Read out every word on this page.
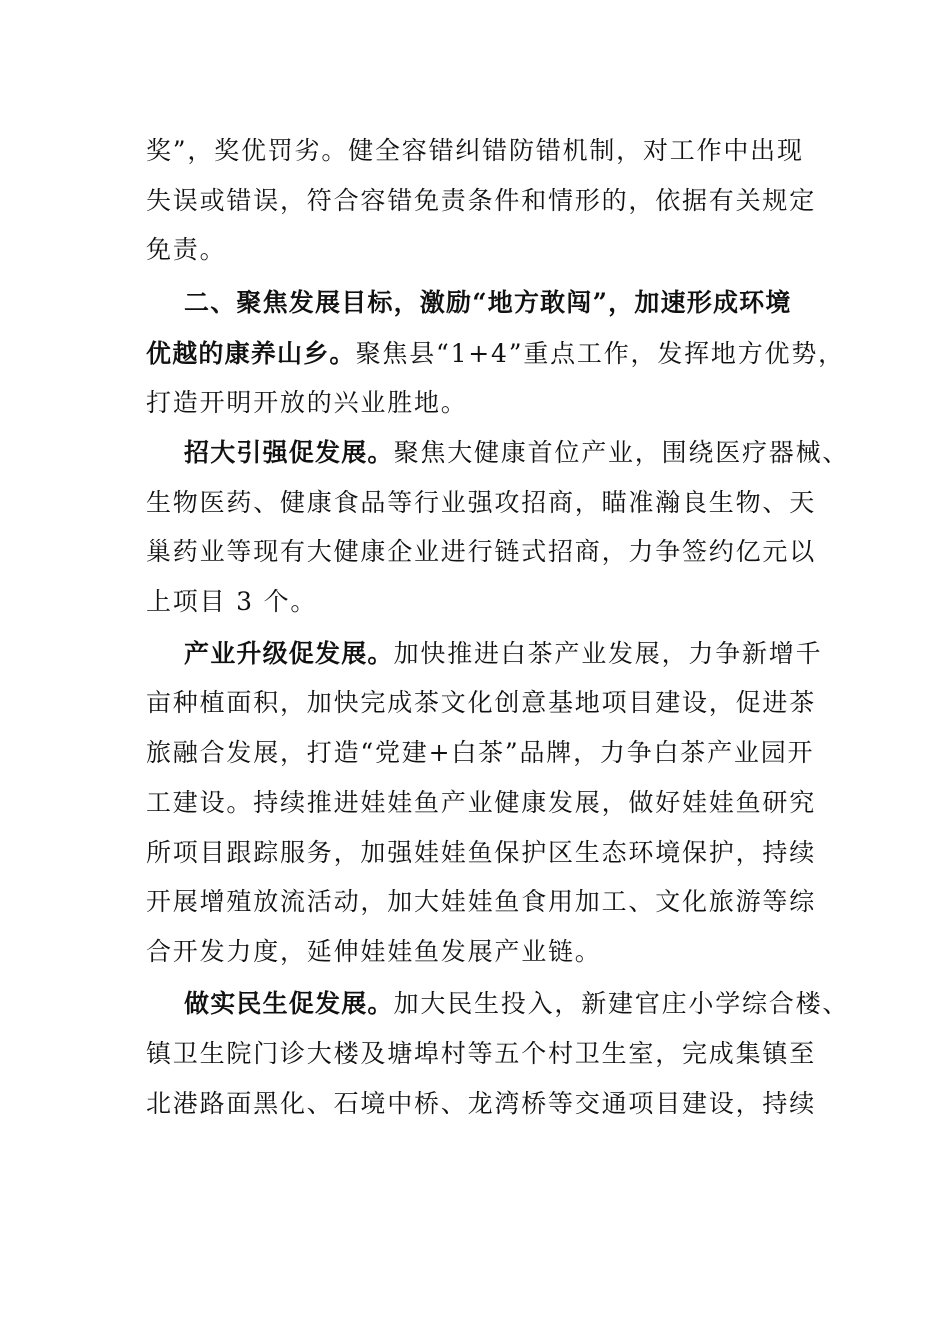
奖”，奖优罚劣。健全容错纠错防错机制，对工作中出现
失误或错误，符合容错免责条件和情形的，依据有关规定
免责。
二、聚焦发展目标，激励“地方敢闯”，加速形成环境
优越的康养山乡。聚焦县“1+4”重点工作，发挥地方优势，
打造开明开放的兴业胜地。
招大引强促发展。聚焦大健康首位产业，围绕医疗器械、
生物医药、健康食品等行业强攻招商，瞄准瀚良生物、天
巢药业等现有大健康企业进行链式招商，力争签约亿元以
上项目 3 个。
产业升级促发展。加快推进白茶产业发展，力争新增千
亩种植面积，加快完成茶文化创意基地项目建设，促进茶
旅融合发展，打造“党建+白茶”品牌，力争白茶产业园开
工建设。持续推进娃娃鱼产业健康发展，做好娃娃鱼研究
所项目跟踪服务，加强娃娃鱼保护区生态环境保护，持续
开展增殖放流活动，加大娃娃鱼食用加工、文化旅游等综
合开发力度，延伸娃娃鱼发展产业链。
做实民生促发展。加大民生投入，新建官庄小学综合楼、
镇卫生院门诊大楼及塘埠村等五个村卫生室，完成集镇至
北港路面黑化、石境中桥、龙湾桥等交通项目建设，持续
